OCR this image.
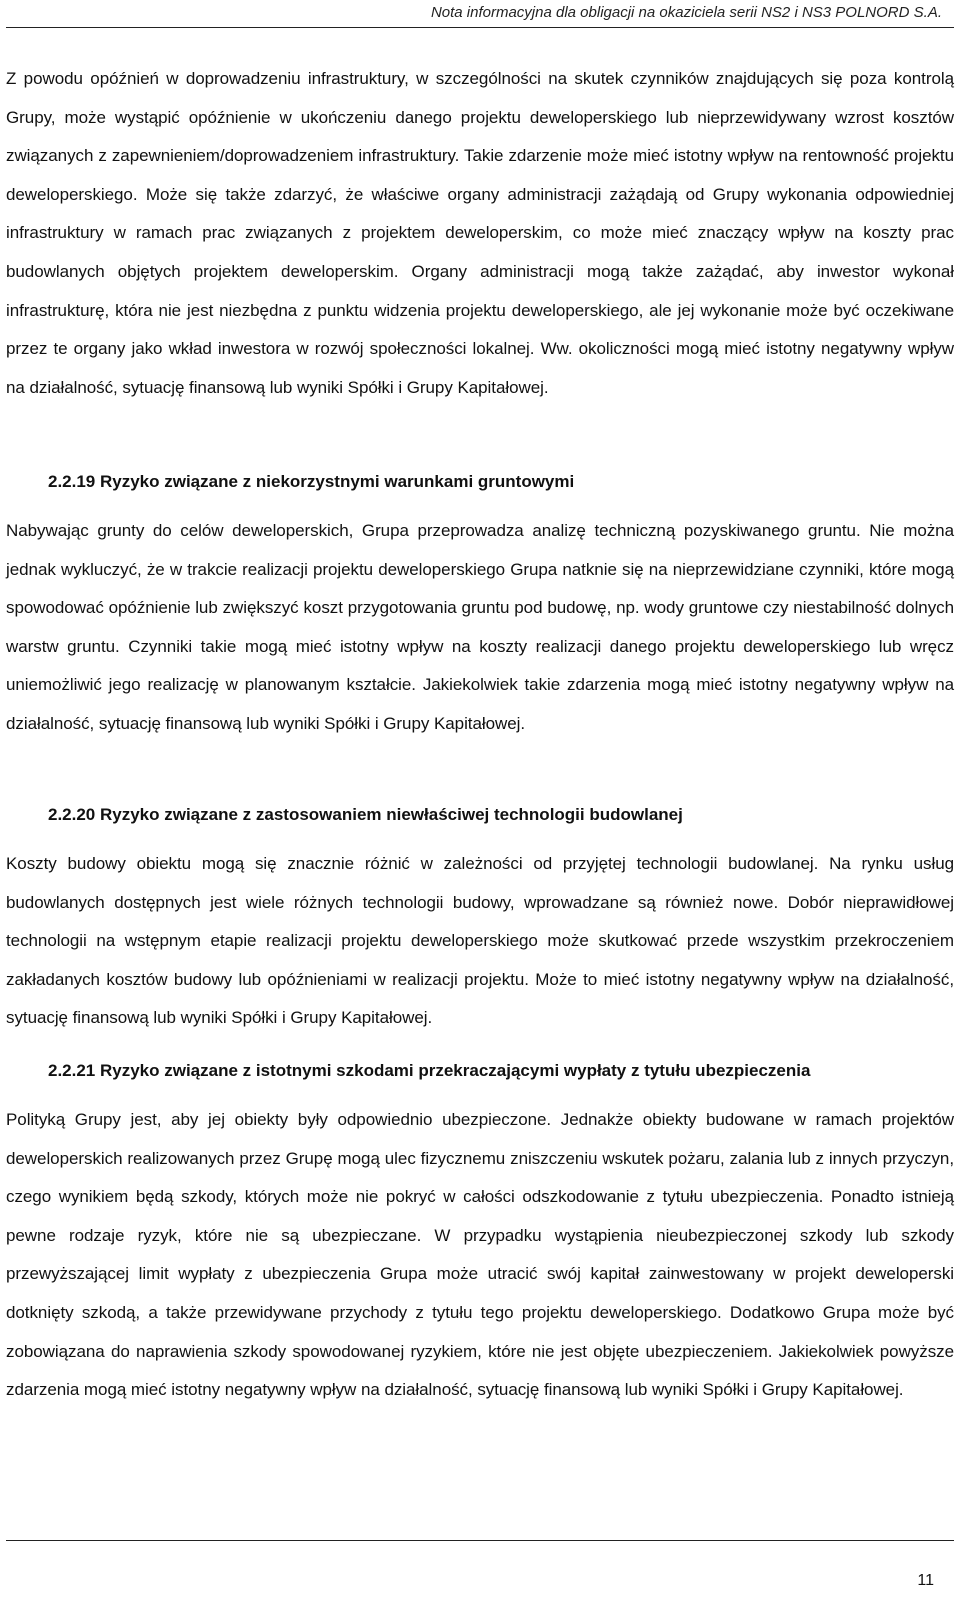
Nota informacyjna dla obligacji na okaziciela serii NS2 i NS3 POLNORD S.A.

Z powodu opóźnień w doprowadzeniu infrastruktury, w szczególności na skutek czynników znajdujących się poza kontrolą Grupy, może wystąpić opóźnienie w ukończeniu danego projektu deweloperskiego lub nieprzewidywany wzrost kosztów związanych z zapewnieniem/doprowadzeniem infrastruktury. Takie zdarzenie może mieć istotny wpływ na rentowność projektu deweloperskiego. Może się także zdarzyć, że właściwe organy administracji zażądają od Grupy wykonania odpowiedniej infrastruktury w ramach prac związanych z projektem deweloperskim, co może mieć znaczący wpływ na koszty prac budowlanych objętych projektem deweloperskim. Organy administracji mogą także zażądać, aby inwestor wykonał infrastrukturę, która nie jest niezbędna z punktu widzenia projektu deweloperskiego, ale jej wykonanie może być oczekiwane przez te organy jako wkład inwestora w rozwój społeczności lokalnej. Ww. okoliczności mogą mieć istotny negatywny wpływ na działalność, sytuację finansową lub wyniki Spółki i Grupy Kapitałowej.

2.2.19 Ryzyko związane z niekorzystnymi warunkami gruntowymi

Nabywając grunty do celów deweloperskich, Grupa przeprowadza analizę techniczną pozyskiwanego gruntu. Nie można jednak wykluczyć, że w trakcie realizacji projektu deweloperskiego Grupa natknie się na nieprzewidziane czynniki, które mogą spowodować opóźnienie lub zwiększyć koszt przygotowania gruntu pod budowę, np. wody gruntowe czy niestabilność dolnych warstw gruntu. Czynniki takie mogą mieć istotny wpływ na koszty realizacji danego projektu deweloperskiego lub wręcz uniemożliwić jego realizację w planowanym kształcie. Jakiekolwiek takie zdarzenia mogą mieć istotny negatywny wpływ na działalność, sytuację finansową lub wyniki Spółki i Grupy Kapitałowej.

2.2.20 Ryzyko związane z zastosowaniem niewłaściwej technologii budowlanej

Koszty budowy obiektu mogą się znacznie różnić w zależności od przyjętej technologii budowlanej. Na rynku usług budowlanych dostępnych jest wiele różnych technologii budowy, wprowadzane są również nowe. Dobór nieprawidłowej technologii na wstępnym etapie realizacji projektu deweloperskiego może skutkować przede wszystkim przekroczeniem zakładanych kosztów budowy lub opóźnieniami w realizacji projektu. Może to mieć istotny negatywny wpływ na działalność, sytuację finansową lub wyniki Spółki i Grupy Kapitałowej.

2.2.21 Ryzyko związane z istotnymi szkodami przekraczającymi wypłaty z tytułu ubezpieczenia

Polityką Grupy jest, aby jej obiekty były odpowiednio ubezpieczone. Jednakże obiekty budowane w ramach projektów deweloperskich realizowanych przez Grupę mogą ulec fizycznemu zniszczeniu wskutek pożaru, zalania lub z innych przyczyn, czego wynikiem będą szkody, których może nie pokryć w całości odszkodowanie z tytułu ubezpieczenia. Ponadto istnieją pewne rodzaje ryzyk, które nie są ubezpieczane. W przypadku wystąpienia nieubezpieczonej szkody lub szkody przewyższającej limit wypłaty z ubezpieczenia Grupa może utracić swój kapitał zainwestowany w projekt deweloperski dotknięty szkodą, a także przewidywane przychody z tytułu tego projektu deweloperskiego. Dodatkowo Grupa może być zobowiązana do naprawienia szkody spowodowanej ryzykiem, które nie jest objęte ubezpieczeniem. Jakiekolwiek powyższe zdarzenia mogą mieć istotny negatywny wpływ na działalność, sytuację finansową lub wyniki Spółki i Grupy Kapitałowej.

11
